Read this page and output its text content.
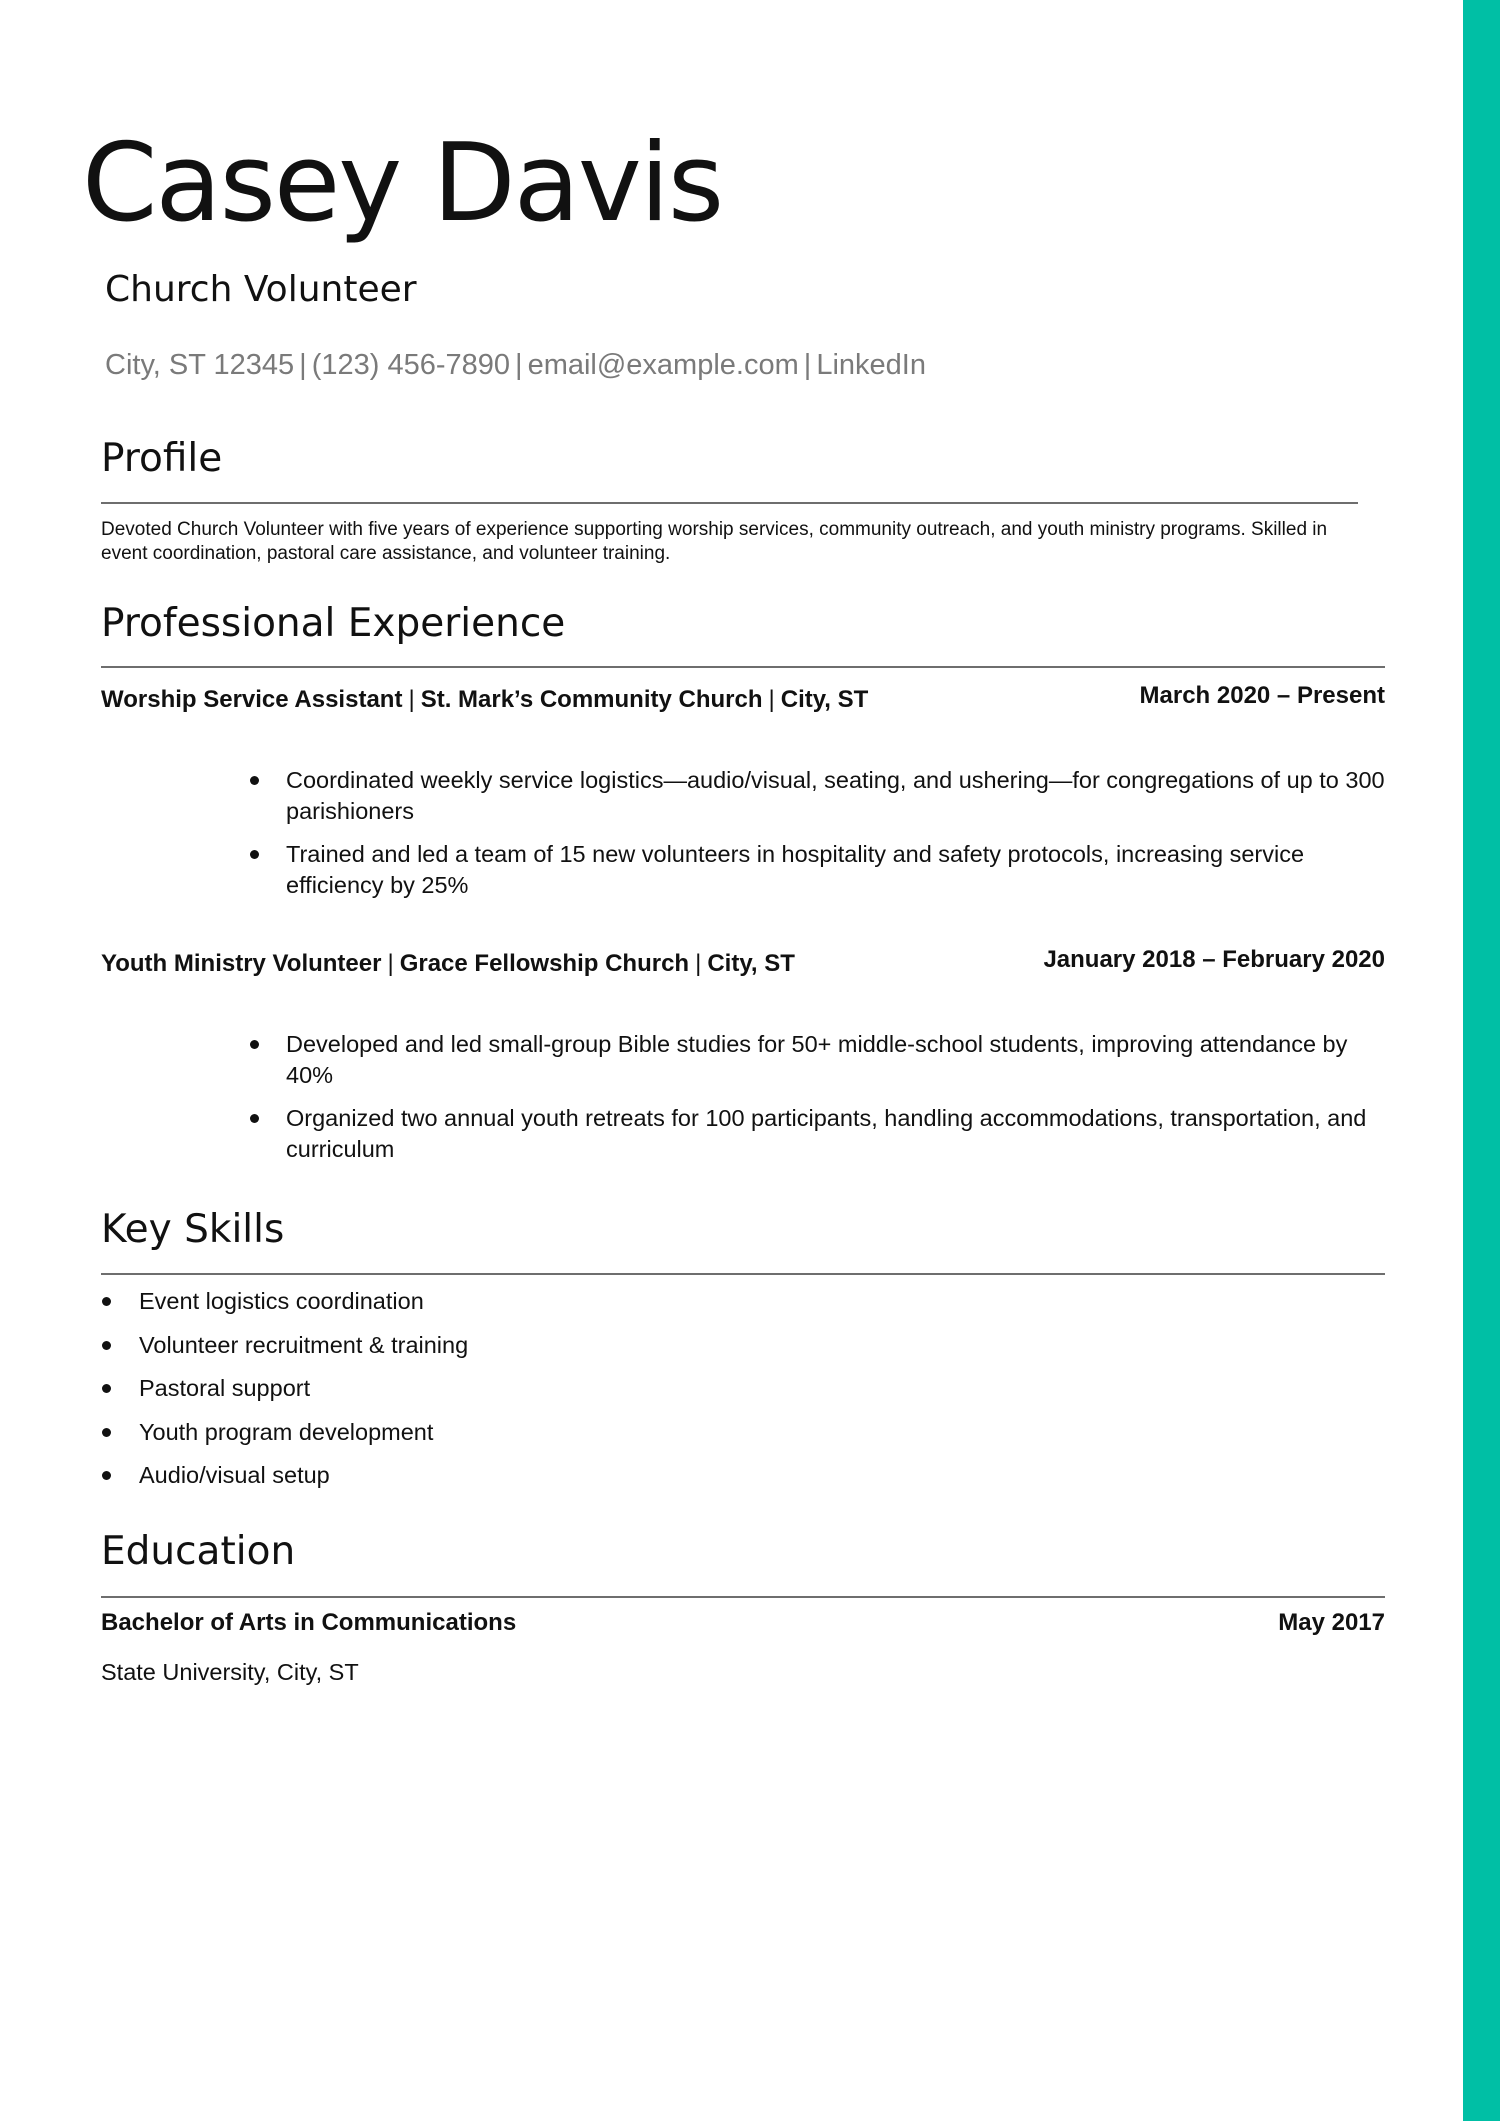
Casey Davis
Church Volunteer
City, ST 12345 | (123) 456-7890 | email@example.com | LinkedIn
Profile
Devoted Church Volunteer with five years of experience supporting worship services, community outreach, and youth ministry programs. Skilled in event coordination, pastoral care assistance, and volunteer training.
Professional Experience
Worship Service Assistant | St. Mark’s Community Church | City, ST	March 2020 – Present
Coordinated weekly service logistics—audio/visual, seating, and ushering—for congregations of up to 300 parishioners
Trained and led a team of 15 new volunteers in hospitality and safety protocols, increasing service efficiency by 25%
Youth Ministry Volunteer | Grace Fellowship Church | City, ST	January 2018 – February 2020
Developed and led small-group Bible studies for 50+ middle-school students, improving attendance by 40%
Organized two annual youth retreats for 100 participants, handling accommodations, transportation, and curriculum
Key Skills
Event logistics coordination
Volunteer recruitment & training
Pastoral support
Youth program development
Audio/visual setup
Education
Bachelor of Arts in Communications	May 2017
State University, City, ST
